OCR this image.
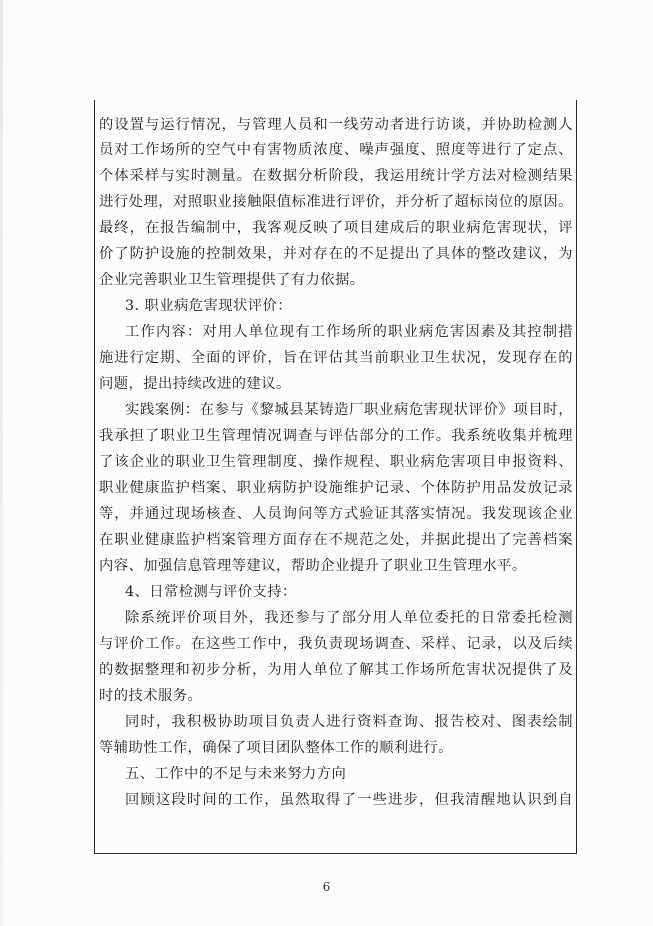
的设置与运行情况，与管理人员和一线劳动者进行访谈，并协助检测人
员对工作场所的空气中有害物质浓度、噪声强度、照度等进行了定点、
个体采样与实时测量。在数据分析阶段，我运用统计学方法对检测结果
进行处理，对照职业接触限值标准进行评价，并分析了超标岗位的原因。
最终，在报告编制中，我客观反映了项目建成后的职业病危害现状，评
价了防护设施的控制效果，并对存在的不足提出了具体的整改建议，为
企业完善职业卫生管理提供了有力依据。
3. 职业病危害现状评价：
工作内容：对用人单位现有工作场所的职业病危害因素及其控制措
施进行定期、全面的评价，旨在评估其当前职业卫生状况，发现存在的
问题，提出持续改进的建议。
实践案例：在参与《黎城县某铸造厂职业病危害现状评价》项目时，
我承担了职业卫生管理情况调查与评估部分的工作。我系统收集并梳理
了该企业的职业卫生管理制度、操作规程、职业病危害项目申报资料、
职业健康监护档案、职业病防护设施维护记录、个体防护用品发放记录
等，并通过现场核查、人员询问等方式验证其落实情况。我发现该企业
在职业健康监护档案管理方面存在不规范之处，并据此提出了完善档案
内容、加强信息管理等建议，帮助企业提升了职业卫生管理水平。
4、日常检测与评价支持：
除系统评价项目外，我还参与了部分用人单位委托的日常委托检测
与评价工作。在这些工作中，我负责现场调查、采样、记录，以及后续
的数据整理和初步分析，为用人单位了解其工作场所危害状况提供了及
时的技术服务。
同时，我积极协助项目负责人进行资料查询、报告校对、图表绘制
等辅助性工作，确保了项目团队整体工作的顺利进行。
五、工作中的不足与未来努力方向
回顾这段时间的工作，虽然取得了一些进步，但我清醒地认识到自
6
